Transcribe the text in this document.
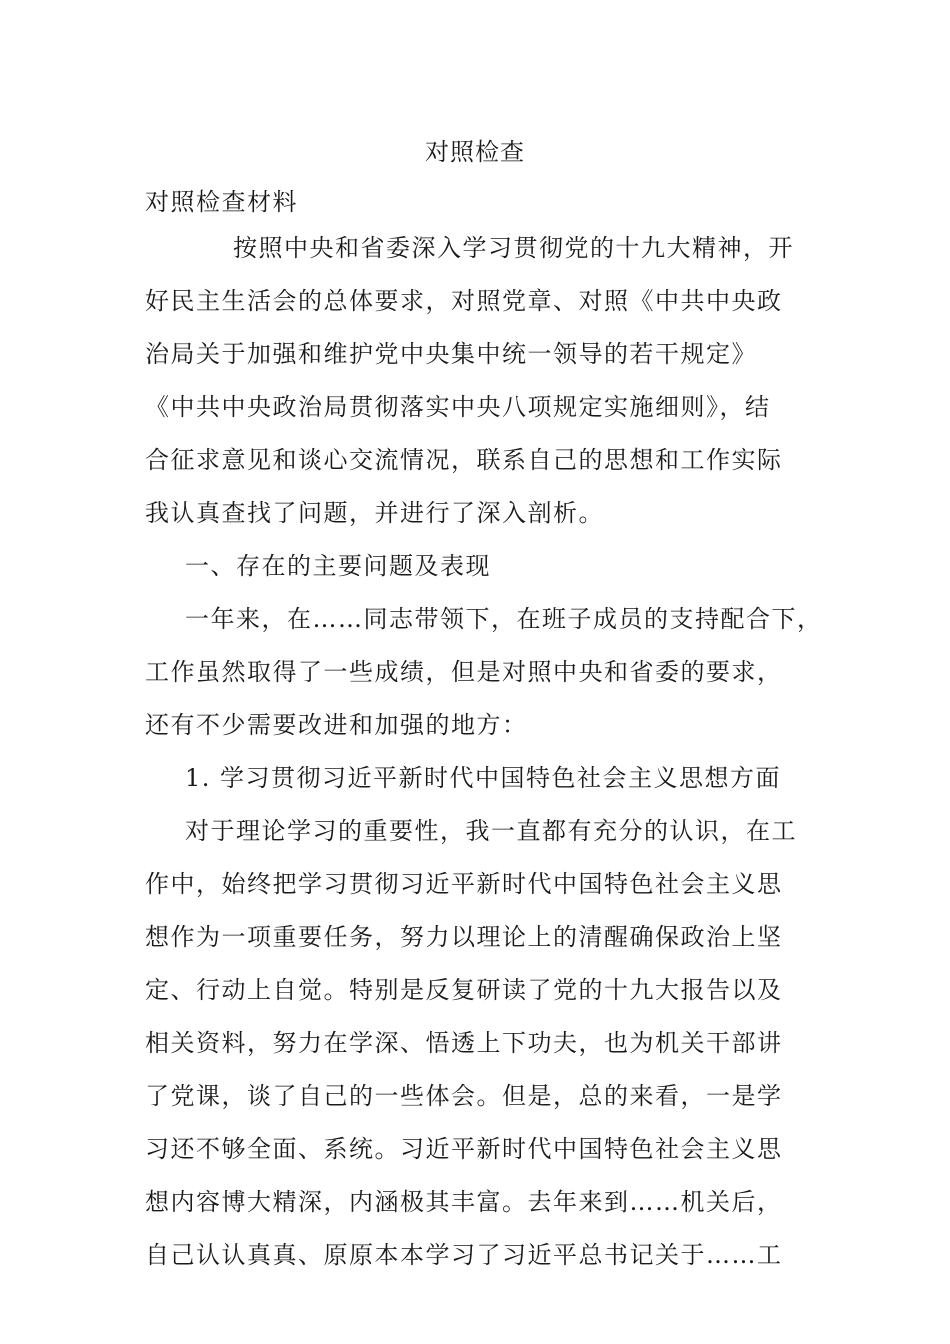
对照检查
对照检查材料
按照中央和省委深入学习贯彻党的十九大精神，开
好民主生活会的总体要求，对照党章、对照《中共中央政
治局关于加强和维护党中央集中统一领导的若干规定》
《中共中央政治局贯彻落实中央八项规定实施细则》，结
合征求意见和谈心交流情况，联系自己的思想和工作实际
我认真查找了问题，并进行了深入剖析。
一、存在的主要问题及表现
一年来，在……同志带领下，在班子成员的支持配合下，
工作虽然取得了一些成绩，但是对照中央和省委的要求，
还有不少需要改进和加强的地方：
1. 学习贯彻习近平新时代中国特色社会主义思想方面
对于理论学习的重要性，我一直都有充分的认识，在工
作中，始终把学习贯彻习近平新时代中国特色社会主义思
想作为一项重要任务，努力以理论上的清醒确保政治上坚
定、行动上自觉。特别是反复研读了党的十九大报告以及
相关资料，努力在学深、悟透上下功夫，也为机关干部讲
了党课，谈了自己的一些体会。但是，总的来看，一是学
习还不够全面、系统。习近平新时代中国特色社会主义思
想内容博大精深，内涵极其丰富。去年来到……机关后，
自己认认真真、原原本本学习了习近平总书记关于……工
